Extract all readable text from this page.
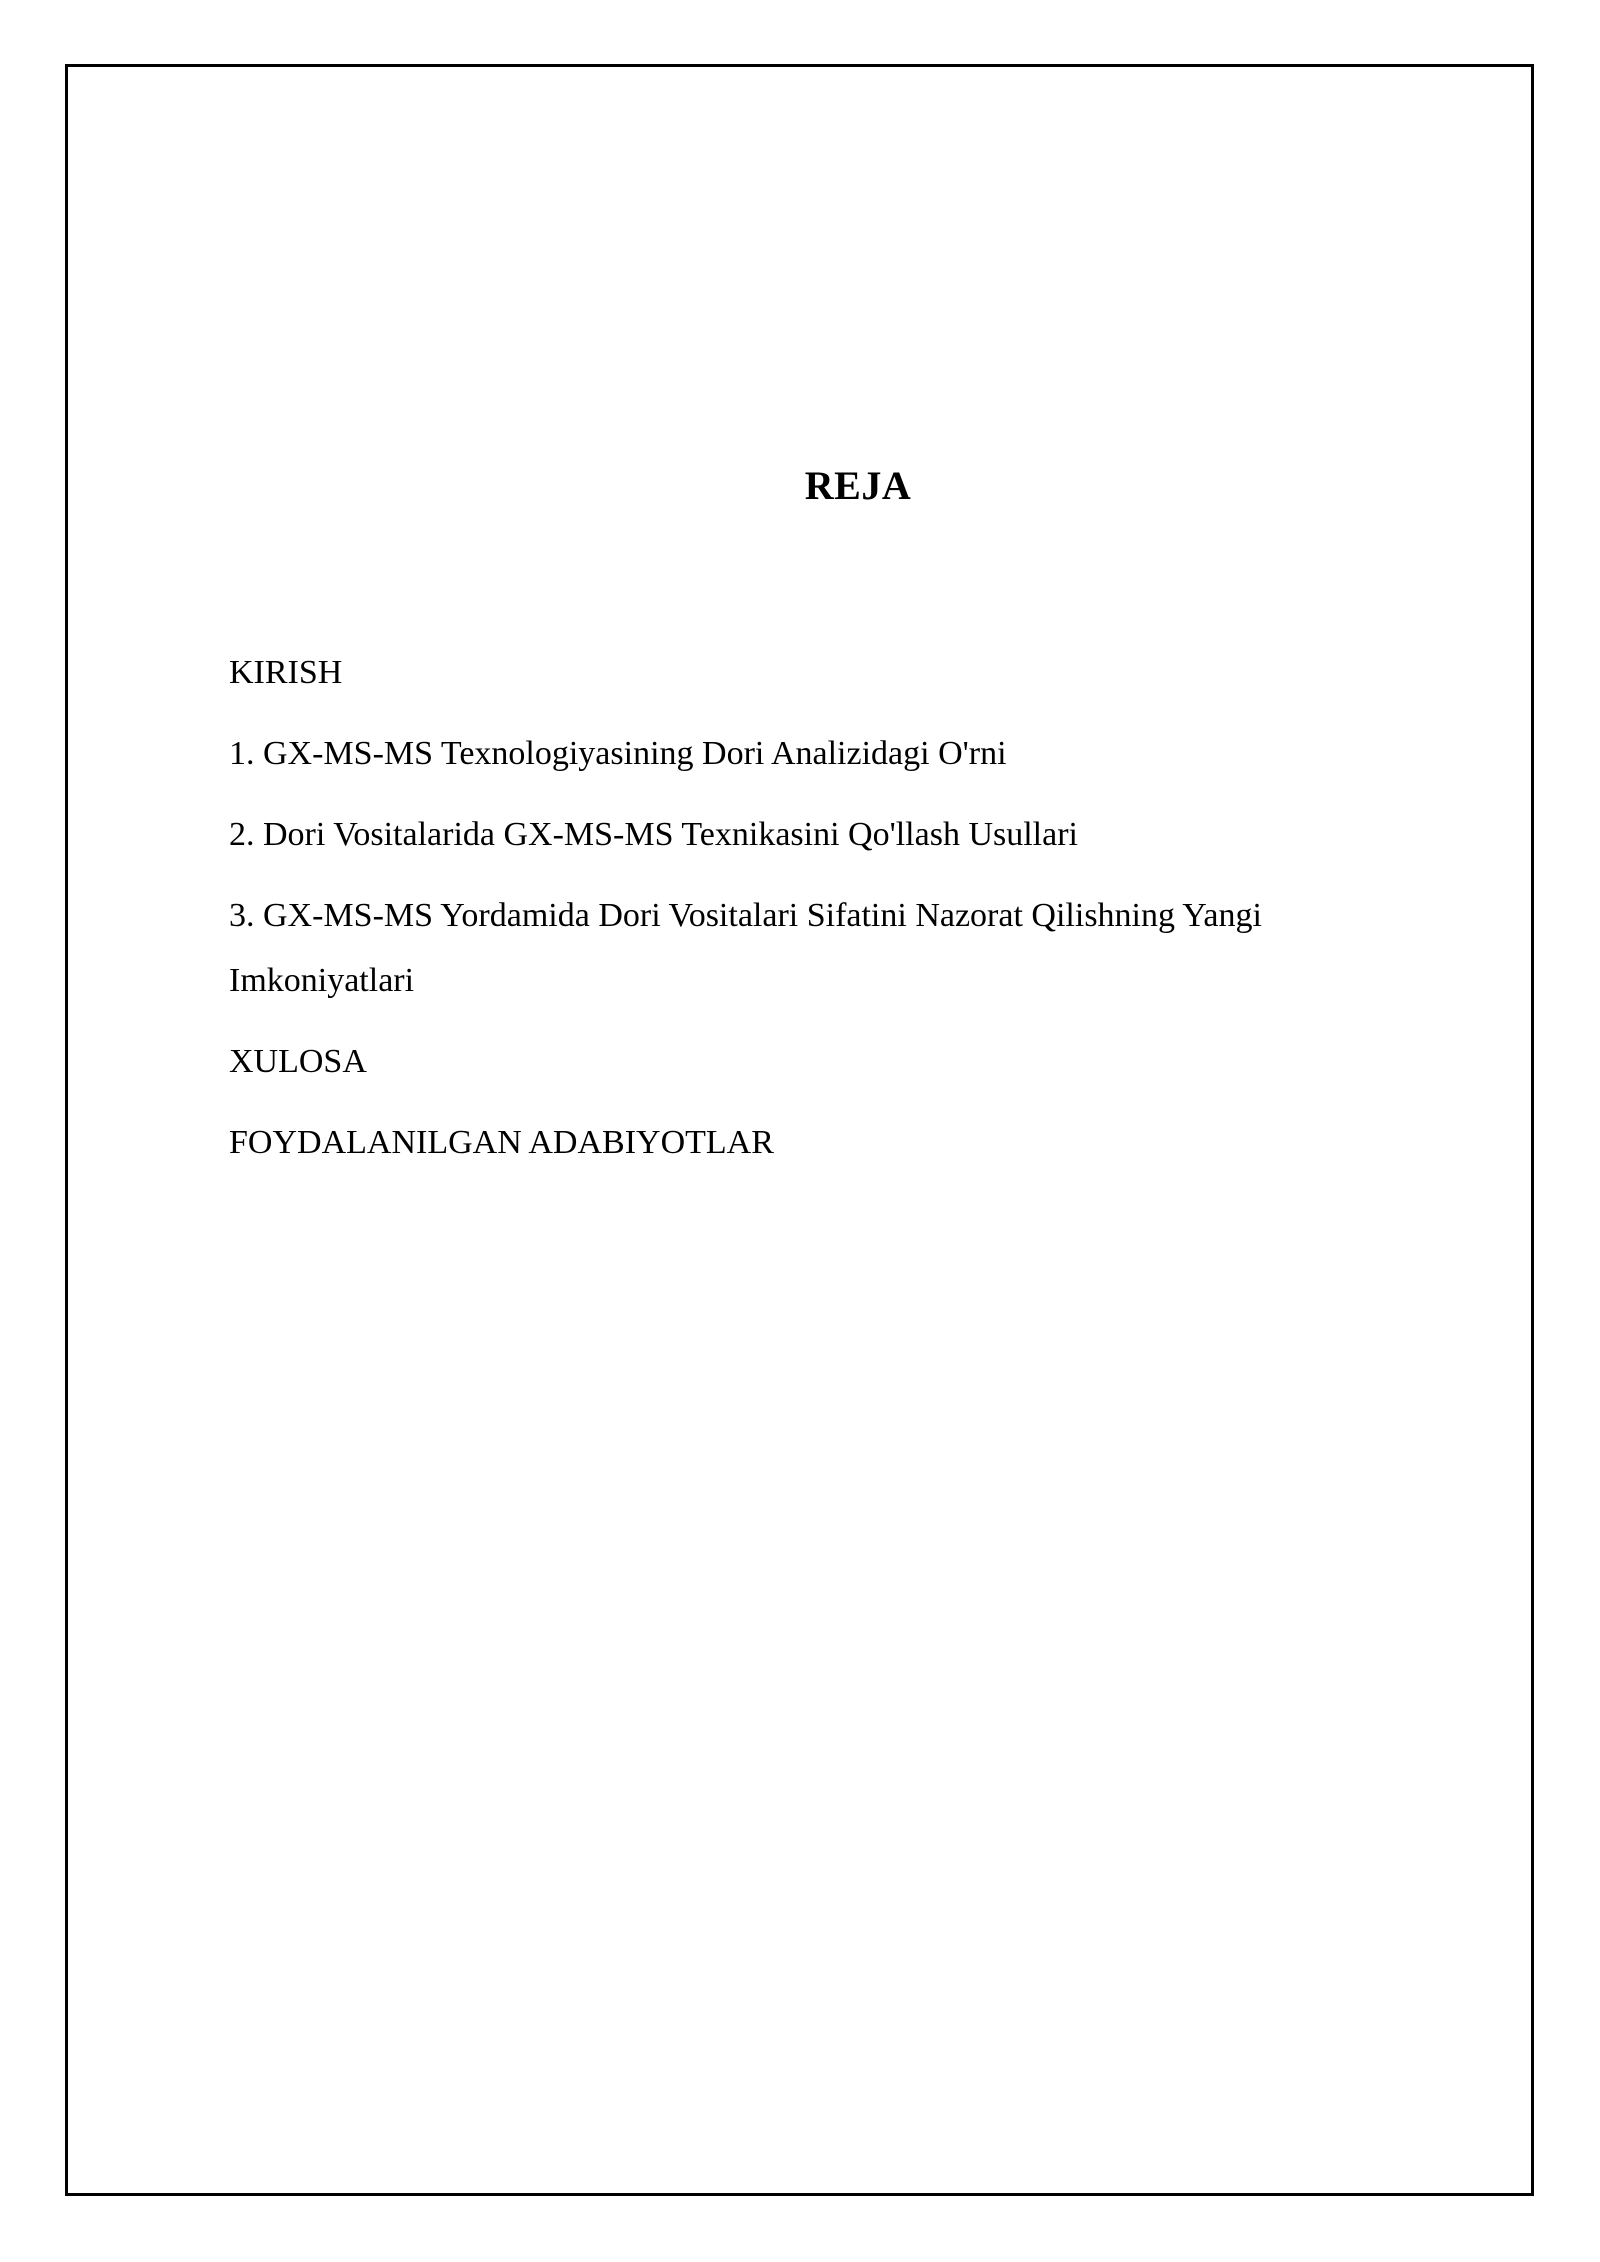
REJA
KIRISH
1. GX-MS-MS Texnologiyasining Dori Analizidagi O'rni
2. Dori Vositalarida GX-MS-MS Texnikasini Qo'llash Usullari
3. GX-MS-MS Yordamida Dori Vositalari Sifatini Nazorat Qilishning Yangi Imkoniyatlari
XULOSA
FOYDALANILGAN ADABIYOTLAR
